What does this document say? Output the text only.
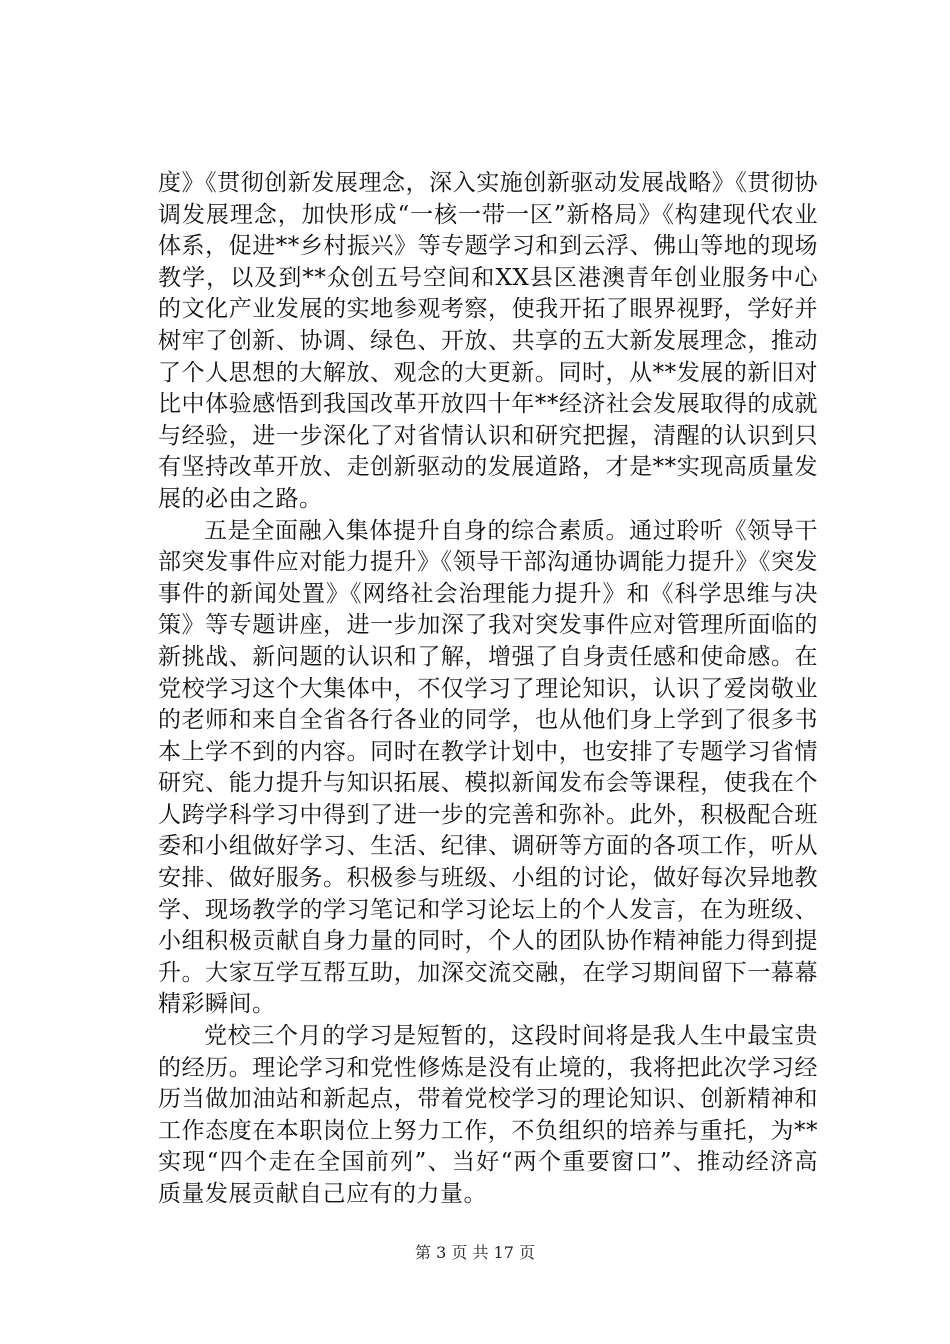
度》《贯彻创新发展理念，深入实施创新驱动发展战略》《贯彻协调发展理念，加快形成“一核一带一区”新格局》《构建现代农业体系，促进**乡村振兴》等专题学习和到云浮、佛山等地的现场教学，以及到**众创五号空间和XX县区港澳青年创业服务中心的文化产业发展的实地参观考察，使我开拓了眼界视野，学好并树牢了创新、协调、绿色、开放、共享的五大新发展理念，推动了个人思想的大解放、观念的大更新。同时，从**发展的新旧对比中体验感悟到我国改革开放四十年**经济社会发展取得的成就与经验，进一步深化了对省情认识和研究把握，清醒的认识到只有坚持改革开放、走创新驱动的发展道路，才是**实现高质量发展的必由之路。

五是全面融入集体提升自身的综合素质。通过聆听《领导干部突发事件应对能力提升》《领导干部沟通协调能力提升》《突发事件的新闻处置》《网络社会治理能力提升》和《科学思维与决策》等专题讲座，进一步加深了我对突发事件应对管理所面临的新挑战、新问题的认识和了解，增强了自身责任感和使命感。在党校学习这个大集体中，不仅学习了理论知识，认识了爱岗敬业的老师和来自全省各行各业的同学，也从他们身上学到了很多书本上学不到的内容。同时在教学计划中，也安排了专题学习省情研究、能力提升与知识拓展、模拟新闻发布会等课程，使我在个人跨学科学习中得到了进一步的完善和弥补。此外，积极配合班委和小组做好学习、生活、纪律、调研等方面的各项工作，听从安排、做好服务。积极参与班级、小组的讨论，做好每次异地教学、现场教学的学习笔记和学习论坛上的个人发言，在为班级、小组积极贡献自身力量的同时，个人的团队协作精神能力得到提升。大家互学互帮互助，加深交流交融，在学习期间留下一幕幕精彩瞬间。

党校三个月的学习是短暂的，这段时间将是我人生中最宝贵的经历。理论学习和党性修炼是没有止境的，我将把此次学习经历当做加油站和新起点，带着党校学习的理论知识、创新精神和工作态度在本职岗位上努力工作，不负组织的培养与重托，为**实现“四个走在全国前列”、当好“两个重要窗口”、推动经济高质量发展贡献自己应有的力量。

第 3 页 共 17 页
